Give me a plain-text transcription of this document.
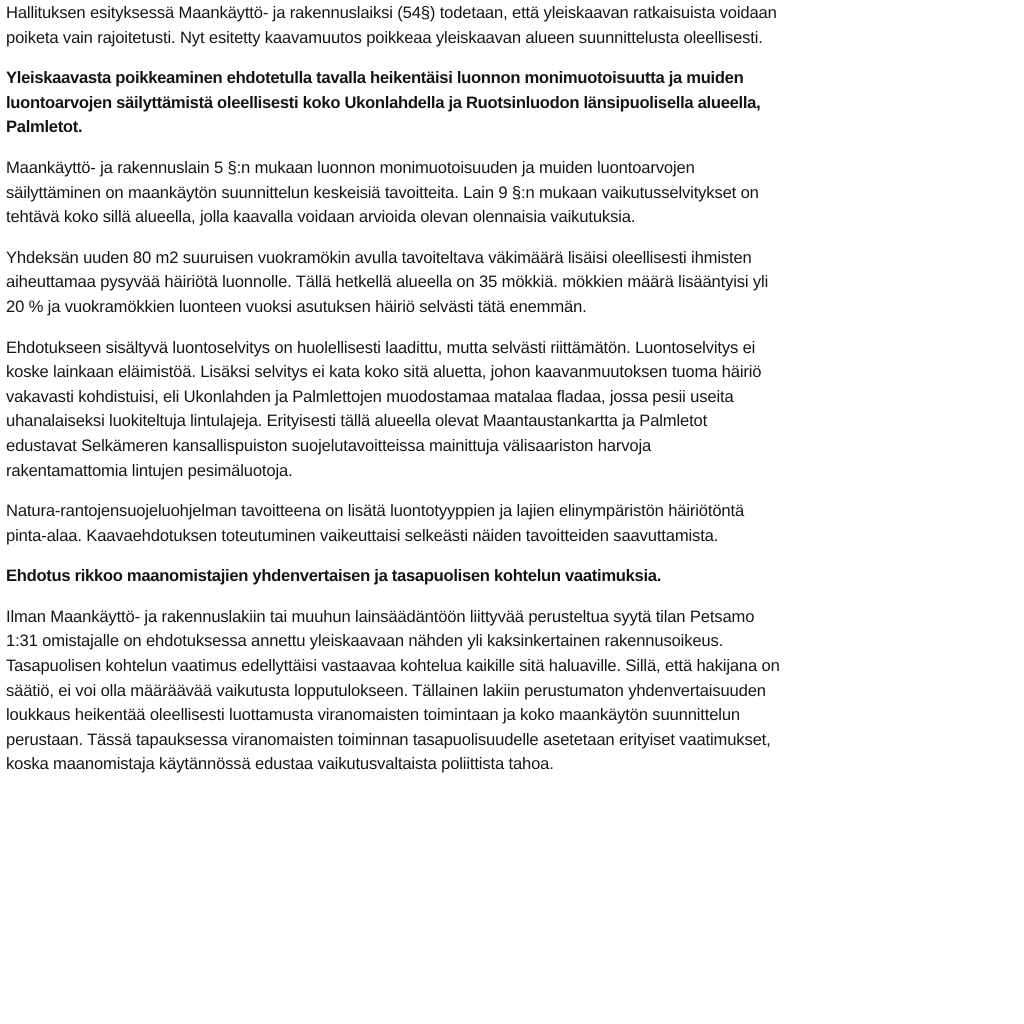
Hallituksen esityksessä Maankäyttö- ja rakennuslaiksi (54§) todetaan, että yleiskaavan ratkaisuista voidaan
poiketa vain rajoitetusti. Nyt esitetty kaavamuutos poikkeaa yleiskaavan alueen suunnittelusta oleellisesti.

Yleiskaavasta poikkeaminen ehdotetulla tavalla heikentäisi luonnon monimuotoisuutta ja muiden
luontoarvojen säilyttämistä oleellisesti koko Ukonlahdella ja Ruotsinluodon länsipuolisella alueella,
Palmletot.

Maankäyttö- ja rakennuslain 5 §:n mukaan luonnon monimuotoisuuden ja muiden luontoarvojen
säilyttäminen on maankäytön suunnittelun keskeisiä tavoitteita. Lain 9 §:n mukaan vaikutusselvitykset on
tehtävä koko sillä alueella, jolla kaavalla voidaan arvioida olevan olennaisia vaikutuksia.

Yhdeksän uuden 80 m2 suuruisen vuokramökin avulla tavoiteltava väkimäärä lisäisi oleellisesti ihmisten
aiheuttamaa pysyvää häiriötä luonnolle. Tällä hetkellä alueella on 35 mökkiä. mökkien määrä lisääntyisi yli
20 % ja vuokramökkien luonteen vuoksi asutuksen häiriö selvästi tätä enemmän.

Ehdotukseen sisältyvä luontoselvitys on huolellisesti laadittu, mutta selvästi riittämätön. Luontoselvitys ei
koske lainkaan eläimistöä. Lisäksi selvitys ei kata koko sitä aluetta, johon kaavanmuutoksen tuoma häiriö
vakavasti kohdistuisi, eli Ukonlahden ja Palmlettojen muodostamaa matalaa fladaa, jossa pesii useita
uhanalaiseksi luokiteltuja lintulajeja. Erityisesti tällä alueella olevat Maantaustankartta ja Palmletot
edustavat Selkämeren kansallispuiston suojelutavoitteissa mainittuja välisaariston harvoja
rakentamattomia lintujen pesimäluotoja.

Natura-rantojensuojeluohjelman tavoitteena on lisätä luontotyyppien ja lajien elinympäristön häiriötöntä
pinta-alaa. Kaavaehdotuksen toteutuminen vaikeuttaisi selkeästi näiden tavoitteiden saavuttamista.

Ehdotus rikkoo maanomistajien yhdenvertaisen ja tasapuolisen kohtelun vaatimuksia.

Ilman Maankäyttö- ja rakennuslakiin tai muuhun lainsäädäntöön liittyvää perusteltua syytä tilan Petsamo
1:31 omistajalle on ehdotuksessa annettu yleiskaavaan nähden yli kaksinkertainen rakennusoikeus.
Tasapuolisen kohtelun vaatimus edellyttäisi vastaavaa kohtelua kaikille sitä haluaville. Sillä, että hakijana on
säätiö, ei voi olla määräävää vaikutusta lopputulokseen. Tällainen lakiin perustumaton yhdenvertaisuuden
loukkaus heikentää oleellisesti luottamusta viranomaisten toimintaan ja koko maankäytön suunnittelun
perustaan. Tässä tapauksessa viranomaisten toiminnan tasapuolisuudelle asetetaan erityiset vaatimukset,
koska maanomistaja käytännössä edustaa vaikutusvaltaista poliittista tahoa.
